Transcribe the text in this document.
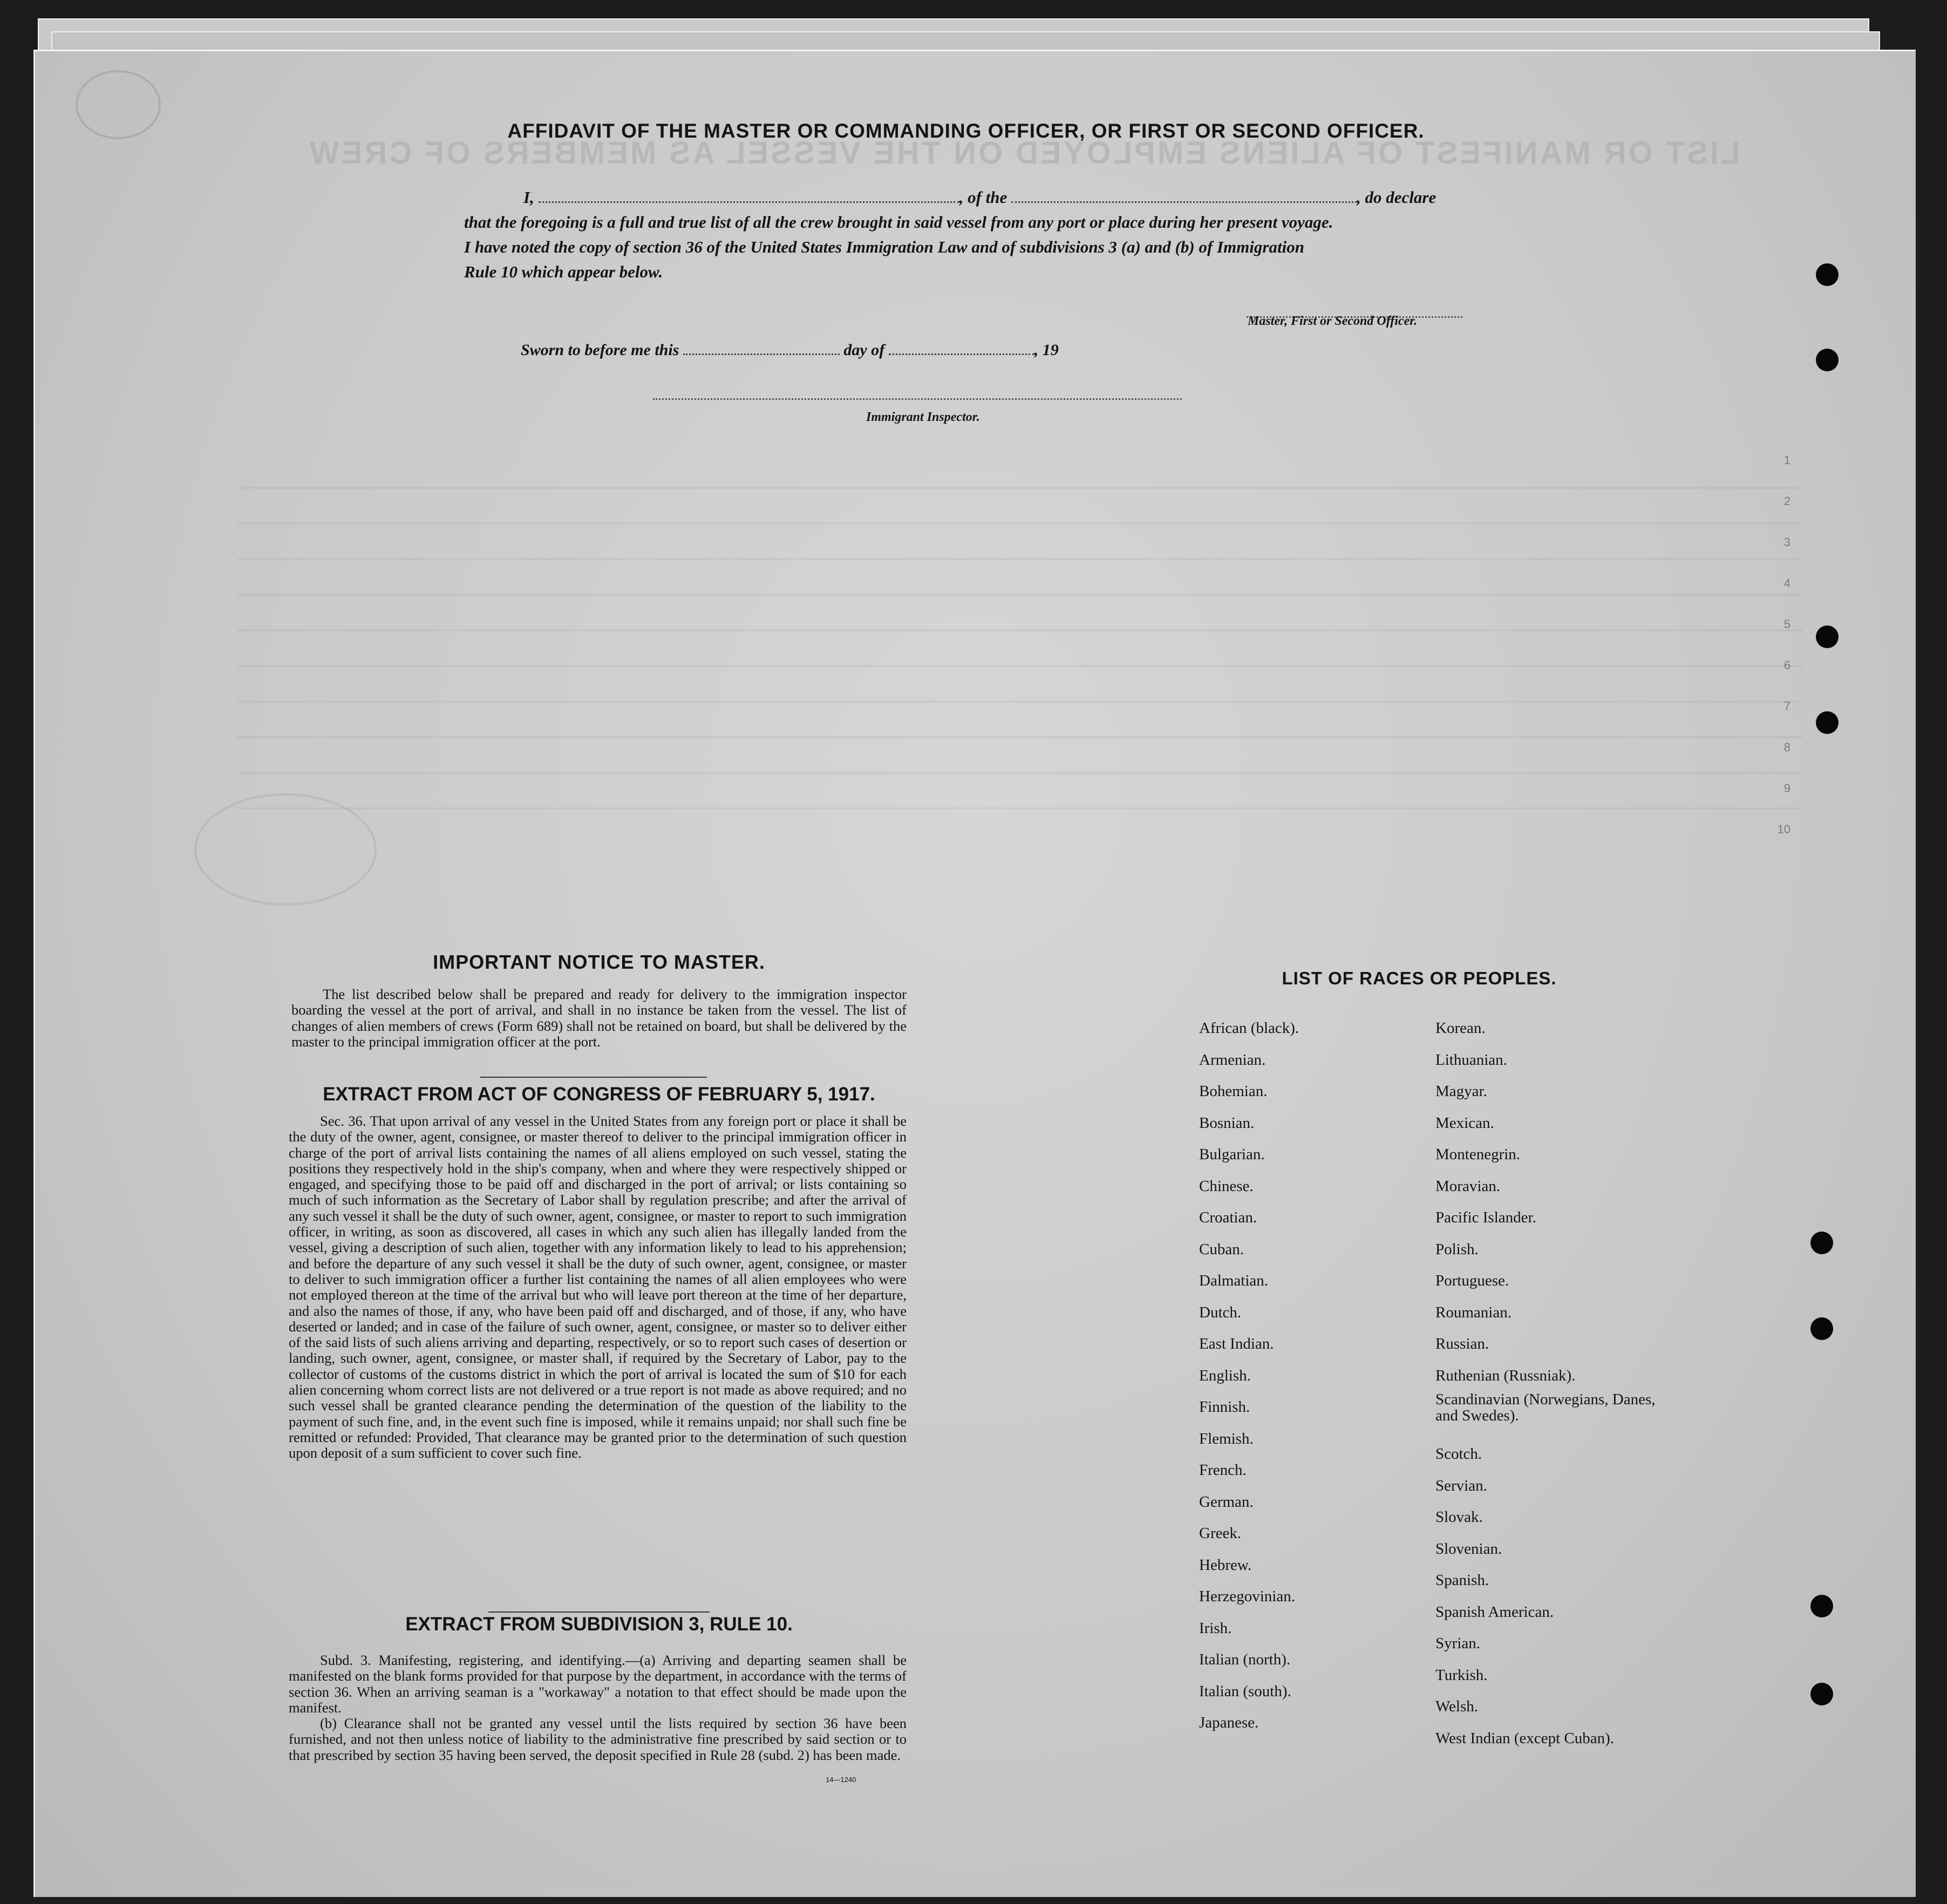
LIST OR MANIFEST OF ALIENS EMPLOYED ON THE VESSEL AS MEMBERS OF CREW
1
2
3
4
5
6
7
8
9
10
AFFIDAVIT OF THE MASTER OR COMMANDING OFFICER, OR FIRST OR SECOND OFFICER.
I,	, of the	, do declare
that the foregoing is a full and true list of all the crew brought in said vessel from any port or place during her present voyage.
I have noted the copy of section 36 of the United States Immigration Law and of subdivisions 3 (a) and (b) of Immigration
Rule 10 which appear below.
Master, First or Second Officer.
Sworn to before me this	day of	, 19
Immigrant Inspector.
IMPORTANT NOTICE TO MASTER.

The list described below shall be prepared and ready for delivery to the immigration inspector boarding the vessel at the port of arrival, and shall in no instance be taken from the vessel. The list of changes of alien members of crews (Form 689) shall not be retained on board, but shall be delivered by the master to the principal immigration officer at the port.

EXTRACT FROM ACT OF CONGRESS OF FEBRUARY 5, 1917.

Sec. 36. That upon arrival of any vessel in the United States from any foreign port or place it shall be the duty of the owner, agent, consignee, or master thereof to deliver to the principal immigration officer in charge of the port of arrival lists containing the names of all aliens employed on such vessel, stating the positions they respectively hold in the ship's company, when and where they were respectively shipped or engaged, and specifying those to be paid off and discharged in the port of arrival; or lists containing so much of such information as the Secretary of Labor shall by regulation prescribe; and after the arrival of any such vessel it shall be the duty of such owner, agent, consignee, or master to report to such immigration officer, in writing, as soon as discovered, all cases in which any such alien has illegally landed from the vessel, giving a description of such alien, together with any information likely to lead to his apprehension; and before the departure of any such vessel it shall be the duty of such owner, agent, consignee, or master to deliver to such immigration officer a further list containing the names of all alien employees who were not employed thereon at the time of the arrival but who will leave port thereon at the time of her departure, and also the names of those, if any, who have been paid off and discharged, and of those, if any, who have deserted or landed; and in case of the failure of such owner, agent, consignee, or master so to deliver either of the said lists of such aliens arriving and departing, respectively, or so to report such cases of desertion or landing, such owner, agent, consignee, or master shall, if required by the Secretary of Labor, pay to the collector of customs of the customs district in which the port of arrival is located the sum of $10 for each alien concerning whom correct lists are not delivered or a true report is not made as above required; and no such vessel shall be granted clearance pending the determination of the question of the liability to the payment of such fine, and, in the event such fine is imposed, while it remains unpaid; nor shall such fine be remitted or refunded: Provided, That clearance may be granted prior to the determination of such question upon deposit of a sum sufficient to cover such fine.

EXTRACT FROM SUBDIVISION 3, RULE 10.

Subd. 3. Manifesting, registering, and identifying.—(a) Arriving and departing seamen shall be manifested on the blank forms provided for that purpose by the department, in accordance with the terms of section 36. When an arriving seaman is a "workaway" a notation to that effect should be made upon the manifest.

(b) Clearance shall not be granted any vessel until the lists required by section 36 have been furnished, and not then unless notice of liability to the administrative fine prescribed by said section or to that prescribed by section 35 having been served, the deposit specified in Rule 28 (subd. 2) has been made.

14—1240
LIST OF RACES OR PEOPLES.
African (black).
Armenian.
Bohemian.
Bosnian.
Bulgarian.
Chinese.
Croatian.
Cuban.
Dalmatian.
Dutch.
East Indian.
English.
Finnish.
Flemish.
French.
German.
Greek.
Hebrew.
Herzegovinian.
Irish.
Italian (north).
Italian (south).
Japanese.
Korean.
Lithuanian.
Magyar.
Mexican.
Montenegrin.
Moravian.
Pacific Islander.
Polish.
Portuguese.
Roumanian.
Russian.
Ruthenian (Russniak).
Scandinavian (Norwegians, Danes, and Swedes).
Scotch.
Servian.
Slovak.
Slovenian.
Spanish.
Spanish American.
Syrian.
Turkish.
Welsh.
West Indian (except Cuban).
